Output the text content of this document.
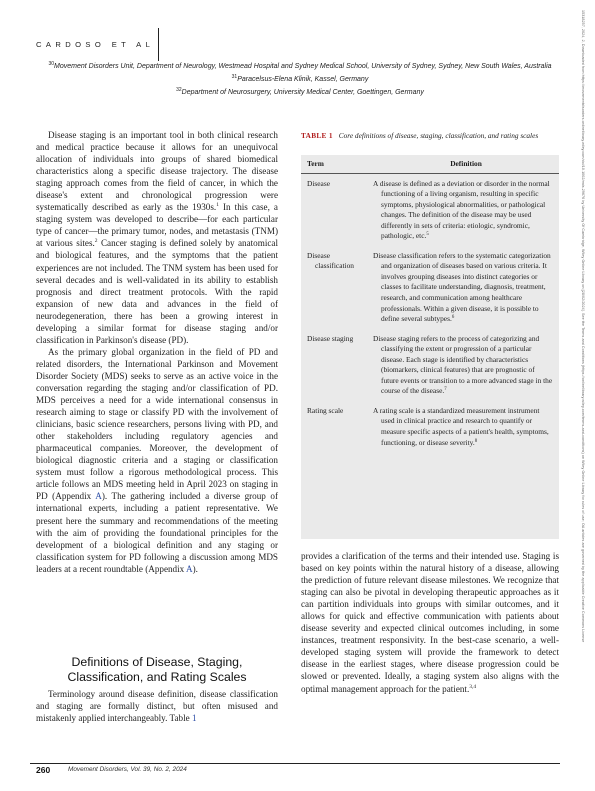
CARDOSO ET AL
$^{30}$Movement Disorders Unit, Department of Neurology, Westmead Hospital and Sydney Medical School, University of Sydney, Sydney, New South Wales, Australia
$^{31}$Paracelsus-Elena Klinik, Kassel, Germany
$^{32}$Department of Neurosurgery, University Medical Center, Goettingen, Germany

Disease staging is an important tool in both clinical research and medical practice because it allows for an unequivocal allocation of individuals into groups of shared biomedical characteristics along a specific disease trajectory. The disease staging approach comes from the field of cancer, in which the disease's extent and chronological progression were systematically described as early as the 1930s.$^1$ In this case, a staging system was developed to describe—for each particular type of cancer—the primary tumor, nodes, and metastasis (TNM) at various sites.$^2$ Cancer staging is defined solely by anatomical and biological features, and the symptoms that the patient experiences are not included. The TNM system has been used for several decades and is well-validated in its ability to establish prognosis and direct treatment protocols. With the rapid expansion of new data and advances in the field of neurodegeneration, there has been a growing interest in developing a similar format for disease staging and/or classification in Parkinson's disease (PD).

As the primary global organization in the field of PD and related disorders, the International Parkinson and Movement Disorder Society (MDS) seeks to serve as an active voice in the conversation regarding the staging and/or classification of PD. MDS perceives a need for a wide international consensus in research aiming to stage or classify PD with the involvement of clinicians, basic science researchers, persons living with PD, and other stakeholders including regulatory agencies and pharmaceutical companies. Moreover, the development of biological diagnostic criteria and a staging or classification system must follow a rigorous methodological process. This article follows an MDS meeting held in April 2023 on staging in PD (Appendix A). The gathering included a diverse group of international experts, including a patient representative. We present here the summary and recommendations of the meeting with the aim of providing the foundational principles for the development of a biological definition and any staging or classification system for PD following a discussion among MDS leaders at a recent roundtable (Appendix A).

Definitions of Disease, Staging, Classification, and Rating Scales

Terminology around disease definition, disease classification and staging are formally distinct, but often misused and mistakenly applied interchangeably. Table 1

TABLE 1 Core definitions of disease, staging, classification, and rating scales
Term	Definition

Disease	A disease is defined as a deviation or disorder in the normal functioning of a living organism, resulting in specific symptoms, physiological abnormalities, or pathological changes. The definition of the disease may be used differently in sets of criteria: etiologic, syndromic, pathologic, etc.$^5$

Disease
classification	Disease classification refers to the systematic categorization and organization of diseases based on various criteria. It involves grouping diseases into distinct categories or classes to facilitate understanding, diagnosis, treatment, research, and communication among healthcare professionals. Within a given disease, it is possible to define several subtypes.$^6$

Disease staging	Disease staging refers to the process of categorizing and classifying the extent or progression of a particular disease. Each stage is identified by characteristics (biomarkers, clinical features) that are prognostic of future events or transition to a more advanced stage in the course of the disease.$^7$

Rating scale	A rating scale is a standardized measurement instrument used in clinical practice and research to quantify or measure specific aspects of a patient's health, symptoms, functioning, or disease severity.$^8$

provides a clarification of the terms and their intended use. Staging is based on key points within the natural history of a disease, allowing the prediction of future relevant disease milestones. We recognize that staging can also be pivotal in developing therapeutic approaches as it can partition individuals into groups with similar outcomes, and it allows for quick and effective communication with patients about disease severity and expected clinical outcomes including, in some instances, treatment responsivity. In the best-case scenario, a well-developed staging system will provide the framework to detect disease in the earliest stages, where disease progression could be slowed or prevented. Ideally, a staging system also aligns with the optimal management approach for the patient.$^{3,4}$

260	Movement Disorders, Vol. 39, No. 2, 2024
15318257, 2024, 2, Downloaded from https://movementdisorders.onlinelibrary.wiley.com/doi/10.1002/mds.29676 by University Of Cambridge, Wiley Online Library on [28/02/2024]. See the Terms and Conditions (https://onlinelibrary.wiley.com/terms-and-conditions) on Wiley Online Library for rules of use; OA articles are governed by the applicable Creative Commons License
